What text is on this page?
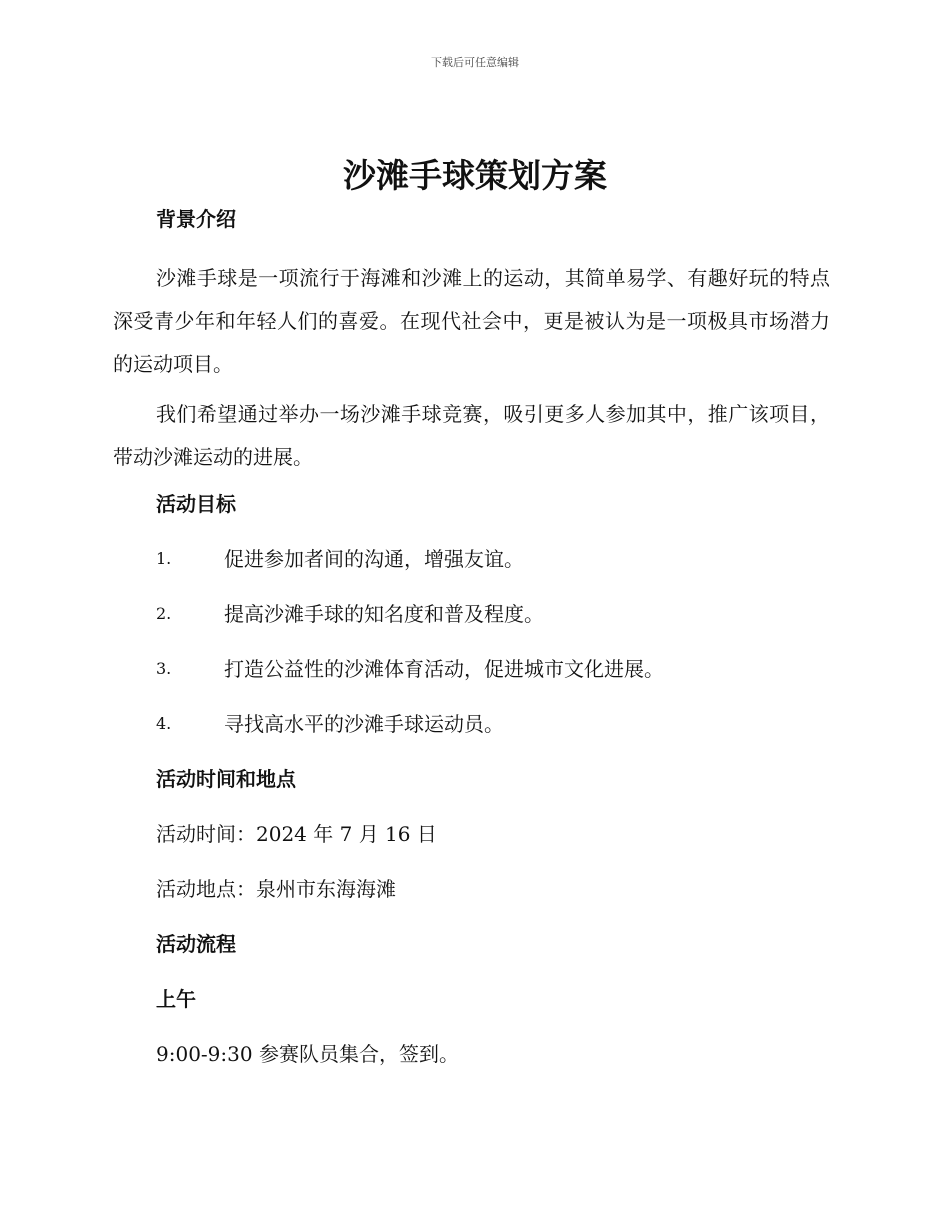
下载后可任意编辑
沙滩手球策划方案
背景介绍

沙滩手球是一项流行于海滩和沙滩上的运动，其简单易学、有趣好玩的特点深受青少年和年轻人们的喜爱。在现代社会中，更是被认为是一项极具市场潜力的运动项目。

我们希望通过举办一场沙滩手球竞赛，吸引更多人参加其中，推广该项目，带动沙滩运动的进展。

活动目标
1.	促进参加者间的沟通，增强友谊。
2.	提高沙滩手球的知名度和普及程度。
3.	打造公益性的沙滩体育活动，促进城市文化进展。
4.	寻找高水平的沙滩手球运动员。
活动时间和地点
活动时间：2024 年 7 月 16 日
活动地点：泉州市东海海滩
活动流程
上午
9:00-9:30 参赛队员集合，签到。
